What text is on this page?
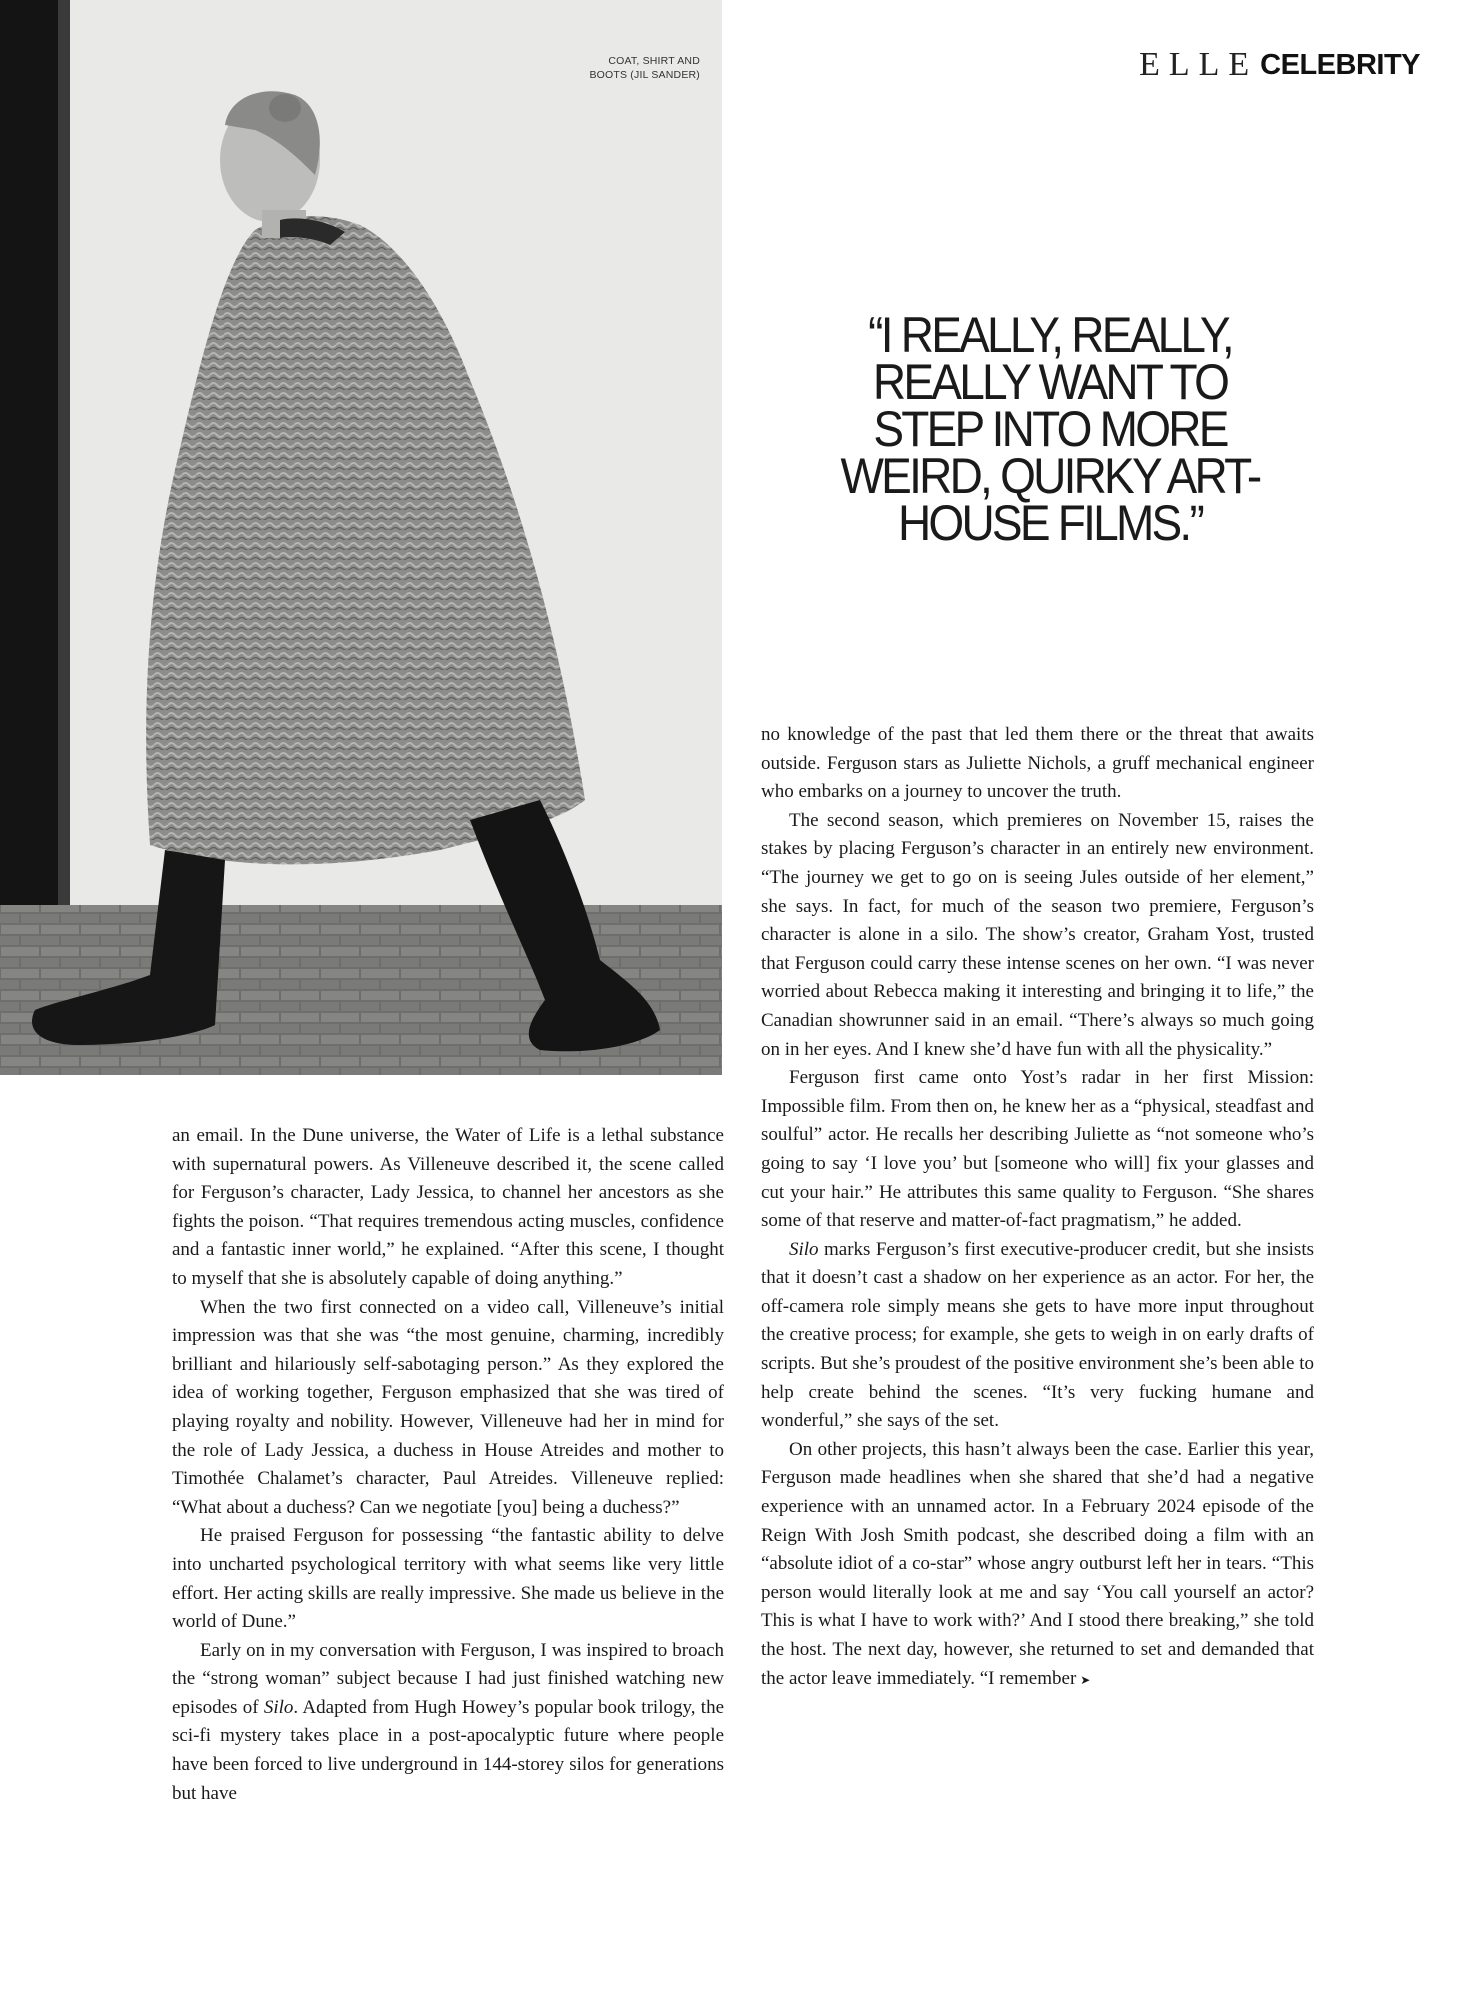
COAT, SHIRT AND
BOOTS (JIL SANDER)	ELLECELEBRITY
“I REALLY, REALLY,
REALLY WANT TO
STEP INTO MORE
WEIRD, QUIRKY ART-
HOUSE FILMS.”

an email. In the Dune universe, the Water of Life is a lethal substance with supernatural powers. As Villeneuve described it, the scene called for Ferguson’s character, Lady Jessica, to channel her ancestors as she fights the poison. “That requires tremendous acting muscles, confidence and a fantastic inner world,” he explained. “After this scene, I thought to myself that she is absolutely capable of doing anything.”

When the two first connected on a video call, Villeneuve’s initial impression was that she was “the most genuine, charming, incredibly brilliant and hilariously self-sabotaging person.” As they explored the idea of working together, Ferguson emphasized that she was tired of playing royalty and nobility. However, Villeneuve had her in mind for the role of Lady Jessica, a duchess in House Atreides and mother to Timothée Chalamet’s character, Paul Atreides. Villeneuve replied: “What about a duchess? Can we negotiate [you] being a duchess?”

He praised Ferguson for possessing “the fantastic ability to delve into uncharted psychological territory with what seems like very little effort. Her acting skills are really impressive. She made us believe in the world of Dune.”

Early on in my conversation with Ferguson, I was inspired to broach the “strong woman” subject because I had just finished watching new episodes of Silo. Adapted from Hugh Howey’s popular book trilogy, the sci-fi mystery takes place in a post-apocalyptic future where people have been forced to live underground in 144-storey silos for generations but have

no knowledge of the past that led them there or the threat that awaits outside. Ferguson stars as Juliette Nichols, a gruff mechanical engineer who embarks on a journey to uncover the truth.

The second season, which premieres on November 15, raises the stakes by placing Ferguson’s character in an entirely new environment. “The journey we get to go on is seeing Jules outside of her element,” she says. In fact, for much of the season two premiere, Ferguson’s character is alone in a silo. The show’s creator, Graham Yost, trusted that Ferguson could carry these intense scenes on her own. “I was never worried about Rebecca making it interesting and bringing it to life,” the Canadian showrunner said in an email. “There’s always so much going on in her eyes. And I knew she’d have fun with all the physicality.”

Ferguson first came onto Yost’s radar in her first Mission: Impossible film. From then on, he knew her as a “physical, steadfast and soulful” actor. He recalls her describing Juliette as “not someone who’s going to say ‘I love you’ but [someone who will] fix your glasses and cut your hair.” He attributes this same quality to Ferguson. “She shares some of that reserve and matter-of-fact pragmatism,” he added.

Silo marks Ferguson’s first executive-producer credit, but she insists that it doesn’t cast a shadow on her experience as an actor. For her, the off-camera role simply means she gets to have more input throughout the creative process; for example, she gets to weigh in on early drafts of scripts. But she’s proudest of the positive environment she’s been able to help create behind the scenes. “It’s very fucking humane and wonderful,” she says of the set.

On other projects, this hasn’t always been the case. Earlier this year, Ferguson made headlines when she shared that she’d had a negative experience with an unnamed actor. In a February 2024 episode of the Reign With Josh Smith podcast, she described doing a film with an “absolute idiot of a co-star” whose angry outburst left her in tears. “This person would literally look at me and say ‘You call yourself an actor? This is what I have to work with?’ And I stood there breaking,” she told the host. The next day, however, she returned to set and demanded that the actor leave immediately. “I remember ➤
